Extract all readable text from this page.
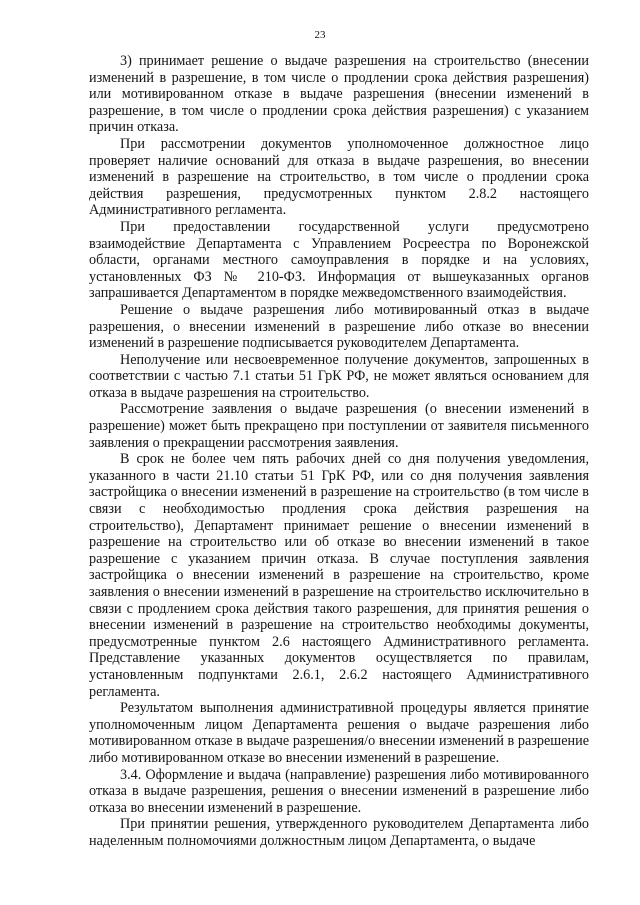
23

3) принимает решение о выдаче разрешения на строительство (внесении изменений в разрешение, в том числе о продлении срока действия разрешения) или мотивированном отказе в выдаче разрешения (внесении изменений в разрешение, в том числе о продлении срока действия разрешения) с указанием причин отказа.

При рассмотрении документов уполномоченное должностное лицо проверяет наличие оснований для отказа в выдаче разрешения, во внесении изменений в разрешение на строительство, в том числе о продлении срока действия разрешения, предусмотренных пунктом 2.8.2 настоящего Административного регламента.

При предоставлении государственной услуги предусмотрено взаимодействие Департамента с Управлением Росреестра по Воронежской области, органами местного самоуправления в порядке и на условиях, установленных ФЗ № 210-ФЗ. Информация от вышеуказанных органов запрашивается Департаментом в порядке межведомственного взаимодействия.

Решение о выдаче разрешения либо мотивированный отказ в выдаче разрешения, о внесении изменений в разрешение либо отказе во внесении изменений в разрешение подписывается руководителем Департамента.

Неполучение или несвоевременное получение документов, запрошенных в соответствии с частью 7.1 статьи 51 ГрК РФ, не может являться основанием для отказа в выдаче разрешения на строительство.

Рассмотрение заявления о выдаче разрешения (о внесении изменений в разрешение) может быть прекращено при поступлении от заявителя письменного заявления о прекращении рассмотрения заявления.

В срок не более чем пять рабочих дней со дня получения уведомления, указанного в части 21.10 статьи 51 ГрК РФ, или со дня получения заявления застройщика о внесении изменений в разрешение на строительство (в том числе в связи с необходимостью продления срока действия разрешения на строительство), Департамент принимает решение о внесении изменений в разрешение на строительство или об отказе во внесении изменений в такое разрешение с указанием причин отказа. В случае поступления заявления застройщика о внесении изменений в разрешение на строительство, кроме заявления о внесении изменений в разрешение на строительство исключительно в связи с продлением срока действия такого разрешения, для принятия решения о внесении изменений в разрешение на строительство необходимы документы, предусмотренные пунктом 2.6 настоящего Административного регламента. Представление указанных документов осуществляется по правилам, установленным подпунктами 2.6.1, 2.6.2 настоящего Административного регламента.

Результатом выполнения административной процедуры является принятие уполномоченным лицом Департамента решения о выдаче разрешения либо мотивированном отказе в выдаче разрешения/о внесении изменений в разрешение либо мотивированном отказе во внесении изменений в разрешение.

3.4. Оформление и выдача (направление) разрешения либо мотивированного отказа в выдаче разрешения, решения о внесении изменений в разрешение либо отказа во внесении изменений в разрешение.

При принятии решения, утвержденного руководителем Департамента либо наделенным полномочиями должностным лицом Департамента, о выдаче
